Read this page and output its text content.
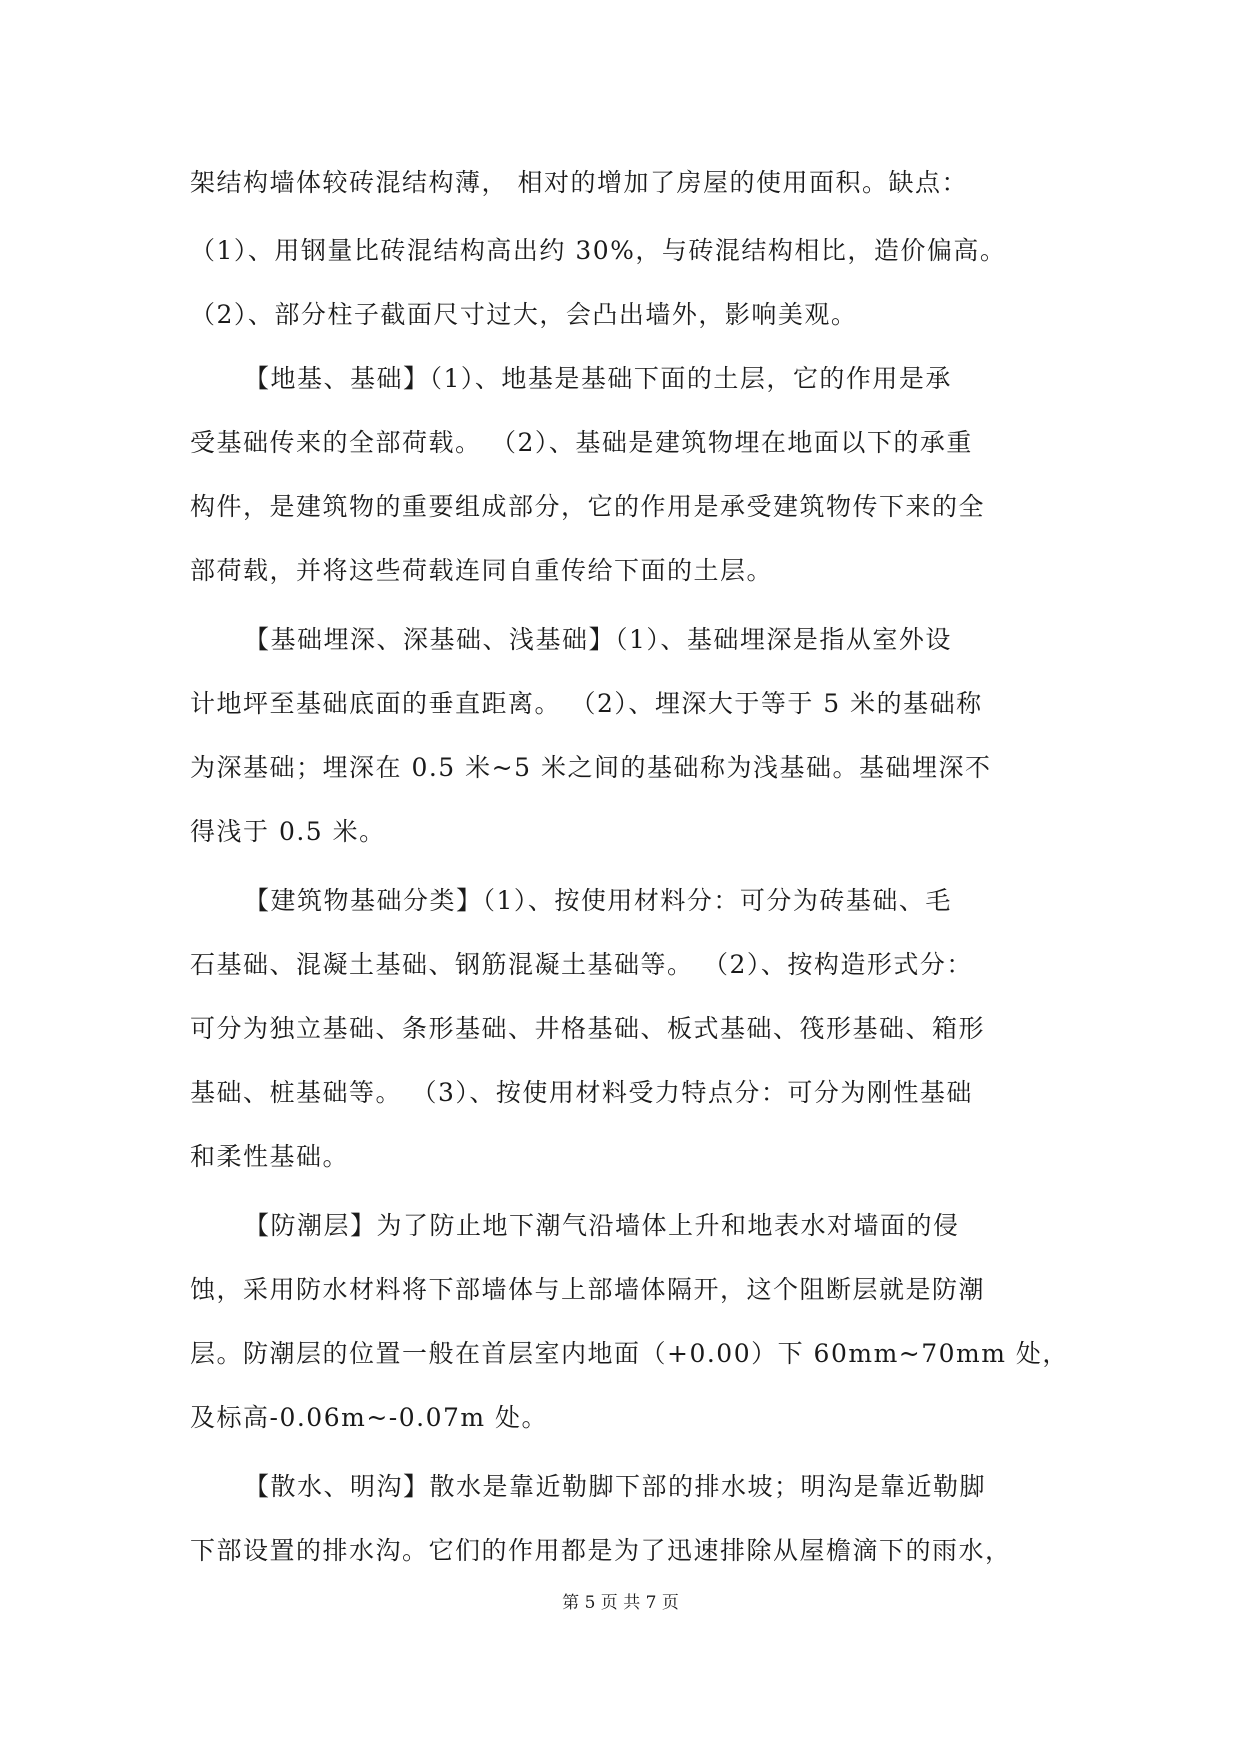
架结构墙体较砖混结构薄， 相对的增加了房屋的使用面积。缺点：
（1）、用钢量比砖混结构高出约 30%，与砖混结构相比，造价偏高。
（2）、部分柱子截面尺寸过大，会凸出墙外，影响美观。
【地基、基础】（1）、地基是基础下面的土层，它的作用是承
受基础传来的全部荷载。 （2）、基础是建筑物埋在地面以下的承重
构件，是建筑物的重要组成部分，它的作用是承受建筑物传下来的全
部荷载，并将这些荷载连同自重传给下面的土层。
【基础埋深、深基础、浅基础】（1）、基础埋深是指从室外设
计地坪至基础底面的垂直距离。 （2）、埋深大于等于 5 米的基础称
为深基础；埋深在 0.5 米~5 米之间的基础称为浅基础。基础埋深不
得浅于 0.5 米。
【建筑物基础分类】（1）、按使用材料分：可分为砖基础、毛
石基础、混凝土基础、钢筋混凝土基础等。 （2）、按构造形式分：
可分为独立基础、条形基础、井格基础、板式基础、筏形基础、箱形
基础、桩基础等。 （3）、按使用材料受力特点分：可分为刚性基础
和柔性基础。
【防潮层】为了防止地下潮气沿墙体上升和地表水对墙面的侵
蚀，采用防水材料将下部墙体与上部墙体隔开，这个阻断层就是防潮
层。防潮层的位置一般在首层室内地面（+0.00）下 60mm~70mm 处，
及标高-0.06m~-0.07m 处。
【散水、明沟】散水是靠近勒脚下部的排水坡；明沟是靠近勒脚
下部设置的排水沟。它们的作用都是为了迅速排除从屋檐滴下的雨水，
第 5 页 共 7 页
